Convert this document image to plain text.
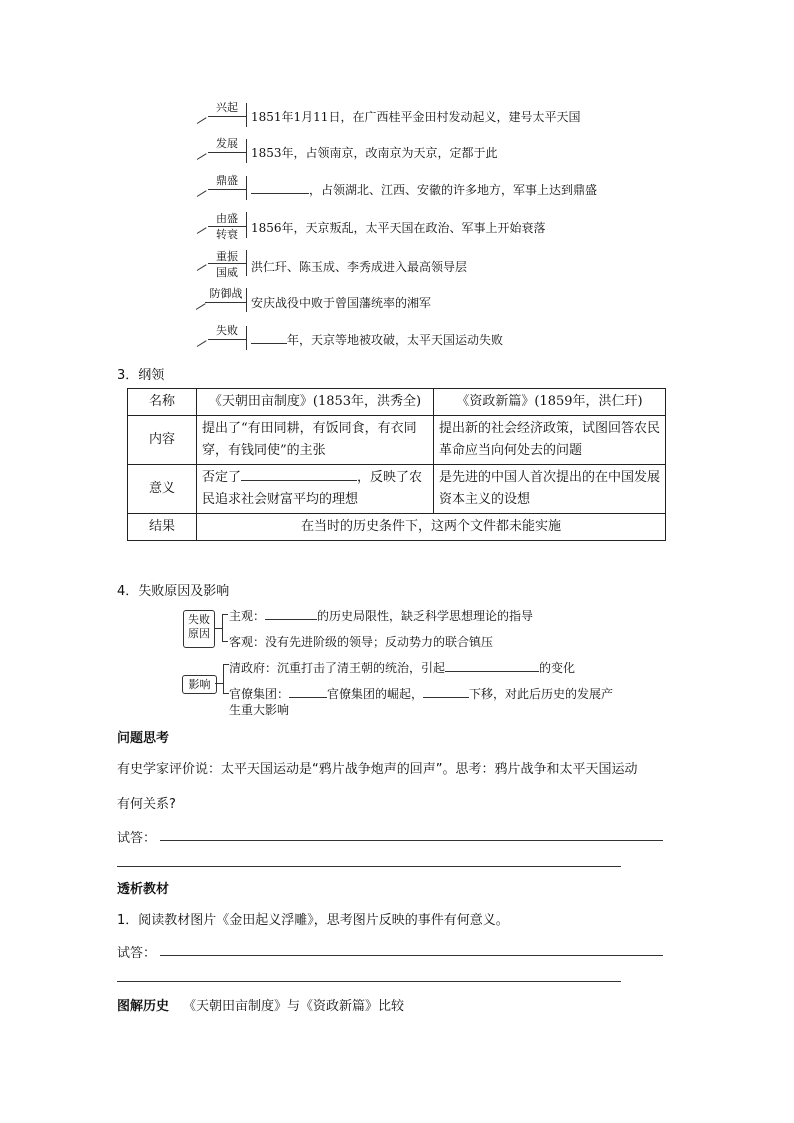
兴起
1851年1月11日，在广西桂平金田村发动起义，建号太平天国
发展
1853年，占领南京，改南京为天京，定都于此
鼎盛
，占领湖北、江西、安徽的许多地方，军事上达到鼎盛
由盛
转衰	1856年，天京叛乱，太平天国在政治、军事上开始衰落
重振
国威	洪仁玕、陈玉成、李秀成进入最高领导层
防御战
安庆战役中败于曾国藩统率的湘军
失败
年，天京等地被攻破，太平天国运动失败
3．纲领
名称	《天朝田亩制度》(1853年，洪秀全)	《资政新篇》(1859年，洪仁玕)
内容	提出了“有田同耕，有饭同食，有衣同穿，有钱同使”的主张	提出新的社会经济政策，试图回答农民革命应当向何处去的问题
意义	否定了 ，反映了农民追求社会财富平均的理想	是先进的中国人首次提出的在中国发展资本主义的设想
结果	在当时的历史条件下，这两个文件都未能实施	
4．失败原因及影响
失败
原因
主观：	的历史局限性，缺乏科学思想理论的指导
客观：没有先进阶级的领导；反动势力的联合镇压
影响
清政府：沉重打击了清王朝的统治，引起	的变化
官僚集团：	官僚集团的崛起，	下移，对此后历史的发展产
生重大影响
问题思考
有史学家评价说：太平天国运动是“鸦片战争炮声的回声”。思考：鸦片战争和太平天国运动
有何关系?
试答：
透析教材
1．阅读教材图片《金田起义浮雕》，思考图片反映的事件有何意义。
试答：
图解历史 《天朝田亩制度》与《资政新篇》比较
